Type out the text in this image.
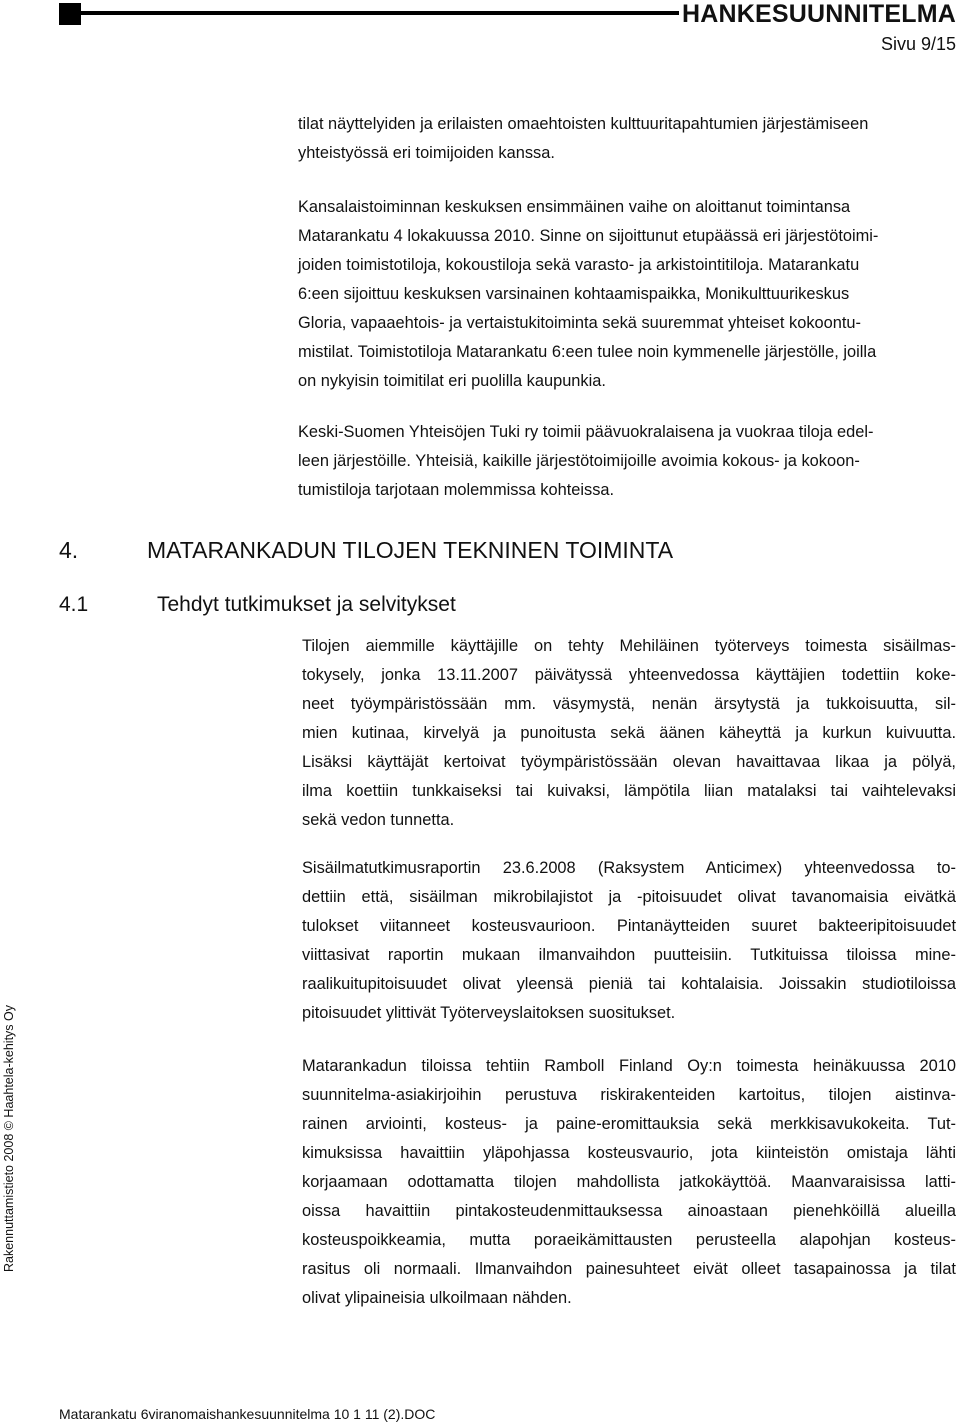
HANKESUUNNITELMA
Sivu 9/15
tilat näyttelyiden ja erilaisten omaehtoisten kulttuuritapahtumien järjestämiseen
yhteistyössä eri toimijoiden kanssa.
Kansalaistoiminnan keskuksen ensimmäinen vaihe on aloittanut toimintansa
Matarankatu 4 lokakuussa 2010. Sinne on sijoittunut etupäässä eri järjestötoimi-
joiden toimistotiloja, kokoustiloja sekä varasto- ja arkistointitiloja. Matarankatu
6:een sijoittuu keskuksen varsinainen kohtaamispaikka, Monikulttuurikeskus
Gloria, vapaaehtois- ja vertaistukitoiminta sekä suuremmat yhteiset kokoontu-
mistilat. Toimistotiloja Matarankatu 6:een tulee noin kymmenelle järjestölle, joilla
on nykyisin toimitilat eri puolilla kaupunkia.
Keski-Suomen Yhteisöjen Tuki ry toimii päävuokralaisena ja vuokraa tiloja edel-
leen järjestöille. Yhteisiä, kaikille järjestötoimijoille avoimia kokous- ja kokoon-
tumistiloja tarjotaan molemmissa kohteissa.
4.	MATARANKADUN TILOJEN TEKNINEN TOIMINTA
4.1	Tehdyt tutkimukset ja selvitykset
Tilojen aiemmille käyttäjille on tehty Mehiläinen työterveys toimesta sisäilmas-
tokysely, jonka 13.11.2007 päivätyssä yhteenvedossa käyttäjien todettiin koke-
neet työympäristössään mm. väsymystä, nenän ärsytystä ja tukkoisuutta, sil-
mien kutinaa, kirvelyä ja punoitusta sekä äänen käheyttä ja kurkun kuivuutta.
Lisäksi käyttäjät kertoivat työympäristössään olevan havaittavaa likaa ja pölyä,
ilma koettiin tunkkaiseksi tai kuivaksi, lämpötila liian matalaksi tai vaihtelevaksi
sekä vedon tunnetta.
Sisäilmatutkimusraportin 23.6.2008 (Raksystem Anticimex) yhteenvedossa to-
dettiin että, sisäilman mikrobilajistot ja -pitoisuudet olivat tavanomaisia eivätkä
tulokset viitanneet kosteusvaurioon. Pintanäytteiden suuret bakteeripitoisuudet
viittasivat raportin mukaan ilmanvaihdon puutteisiin. Tutkituissa tiloissa mine-
raalikuitupitoisuudet olivat yleensä pieniä tai kohtalaisia. Joissakin studiotiloissa
pitoisuudet ylittivät Työterveyslaitoksen suositukset.
Matarankadun tiloissa tehtiin Ramboll Finland Oy:n toimesta heinäkuussa 2010
suunnitelma-asiakirjoihin perustuva riskirakenteiden kartoitus, tilojen aistinva-
rainen arviointi, kosteus- ja paine-eromittauksia sekä merkkisavukokeita. Tut-
kimuksissa havaittiin yläpohjassa kosteusvaurio, jota kiinteistön omistaja lähti
korjaamaan odottamatta tilojen mahdollista jatkokäyttöä. Maanvaraisissa latti-
oissa havaittiin pintakosteudenmittauksessa ainoastaan pienehköillä alueilla
kosteuspoikkeamia, mutta poraeikämittausten perusteella alapohjan kosteus-
rasitus oli normaali. Ilmanvaihdon painesuhteet eivät olleet tasapainossa ja tilat
olivat ylipaineisia ulkoilmaan nähden.
Rakennuttamistieto 2008 © Haahtela-kehitys Oy
Matarankatu 6viranomaishankesuunnitelma 10 1 11 (2).DOC
